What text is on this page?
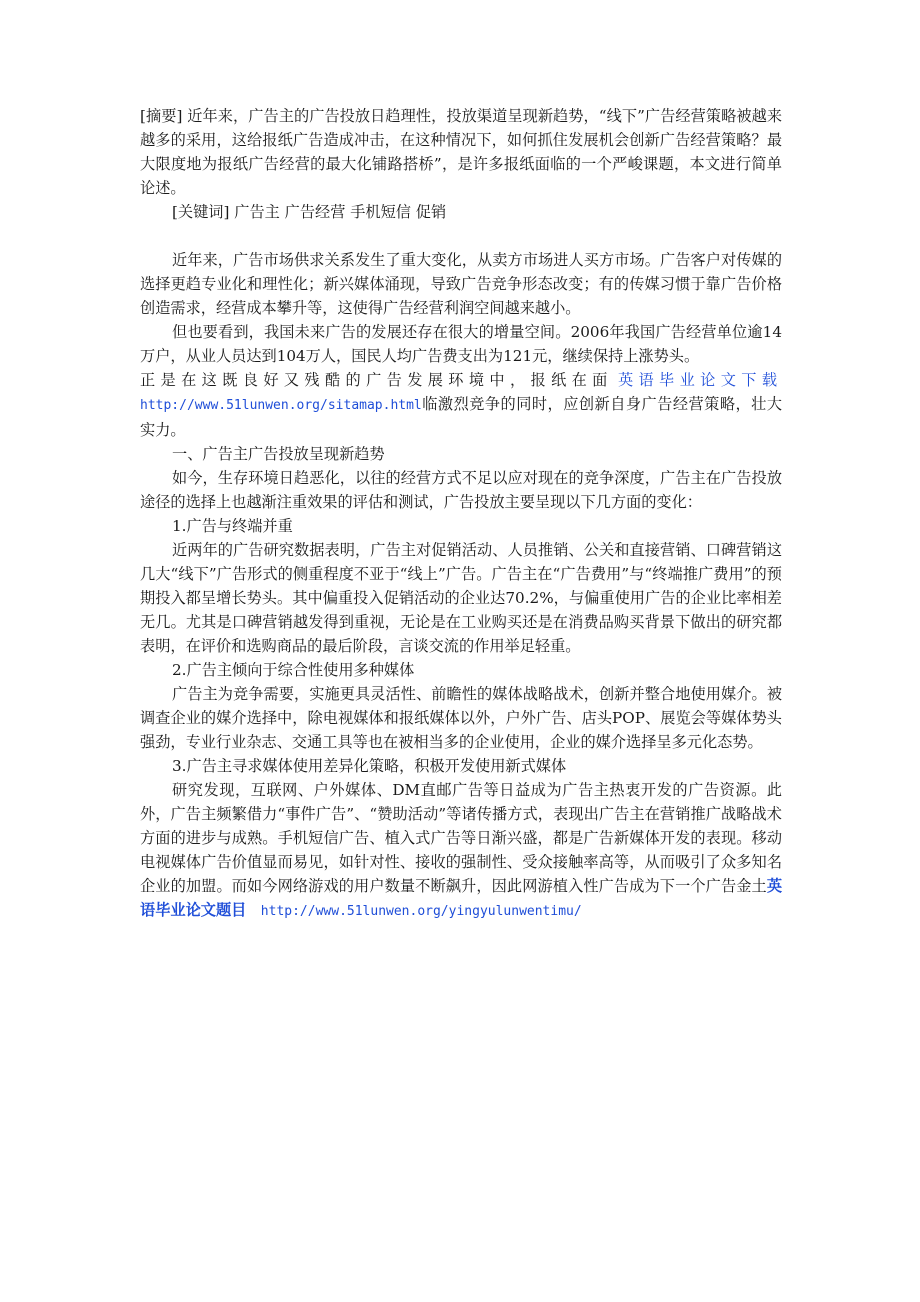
[摘要] 近年来，广告主的广告投放日趋理性，投放渠道呈现新趋势，“线下”广告经营策略被越来越多的采用，这给报纸广告造成冲击，在这种情况下，如何抓住发展机会创新广告经营策略？最大限度地为报纸广告经营的最大化铺路搭桥”，是许多报纸面临的一个严峻课题，本文进行简单论述。

[关键词] 广告主 广告经营 手机短信 促销

近年来，广告市场供求关系发生了重大变化，从卖方市场进人买方市场。广告客户对传媒的选择更趋专业化和理性化；新兴媒体涌现，导致广告竞争形态改变；有的传媒习惯于靠广告价格创造需求，经营成本攀升等，这使得广告经营利润空间越来越小。

但也要看到，我国未来广告的发展还存在很大的增量空间。2006年我国广告经营单位逾14万户，从业人员达到104万人，国民人均广告费支出为121元，继续保持上涨势头。
正是在这既良好又残酷的广告发展环境中，报纸在面 英语毕业论文下载 http://www.51lunwen.org/sitamap.html临激烈竞争的同时，应创新自身广告经营策略，壮大实力。

一、广告主广告投放呈现新趋势

如今，生存环境日趋恶化，以往的经营方式不足以应对现在的竞争深度，广告主在广告投放途径的选择上也越渐注重效果的评估和测试，广告投放主要呈现以下几方面的变化：

1.广告与终端并重

近两年的广告研究数据表明，广告主对促销活动、人员推销、公关和直接营销、口碑营销这几大“线下”广告形式的侧重程度不亚于“线上”广告。广告主在“广告费用”与“终端推广费用”的预期投入都呈增长势头。其中偏重投入促销活动的企业达70.2%，与偏重使用广告的企业比率相差无几。尤其是口碑营销越发得到重视，无论是在工业购买还是在消费品购买背景下做出的研究都表明，在评价和选购商品的最后阶段，言谈交流的作用举足轻重。

2.广告主倾向于综合性使用多种媒体

广告主为竞争需要，实施更具灵活性、前瞻性的媒体战略战术，创新并整合地使用媒介。被调查企业的媒介选择中，除电视媒体和报纸媒体以外，户外广告、店头POP、展览会等媒体势头强劲，专业行业杂志、交通工具等也在被相当多的企业使用，企业的媒介选择呈多元化态势。

3.广告主寻求媒体使用差异化策略，积极开发使用新式媒体

研究发现，互联网、户外媒体、DM直邮广告等日益成为广告主热衷开发的广告资源。此外，广告主频繁借力“事件广告”、“赞助活动”等诸传播方式，表现出广告主在营销推广战略战术方面的进步与成熟。手机短信广告、植入式广告等日渐兴盛，都是广告新媒体开发的表现。移动电视媒体广告价值显而易见，如针对性、接收的强制性、受众接触率高等，从而吸引了众多知名企业的加盟。而如今网络游戏的用户数量不断飙升，因此网游植入性广告成为下一个广告金土英语毕业论文题目 http://www.51lunwen.org/yingyulunwentimu/
